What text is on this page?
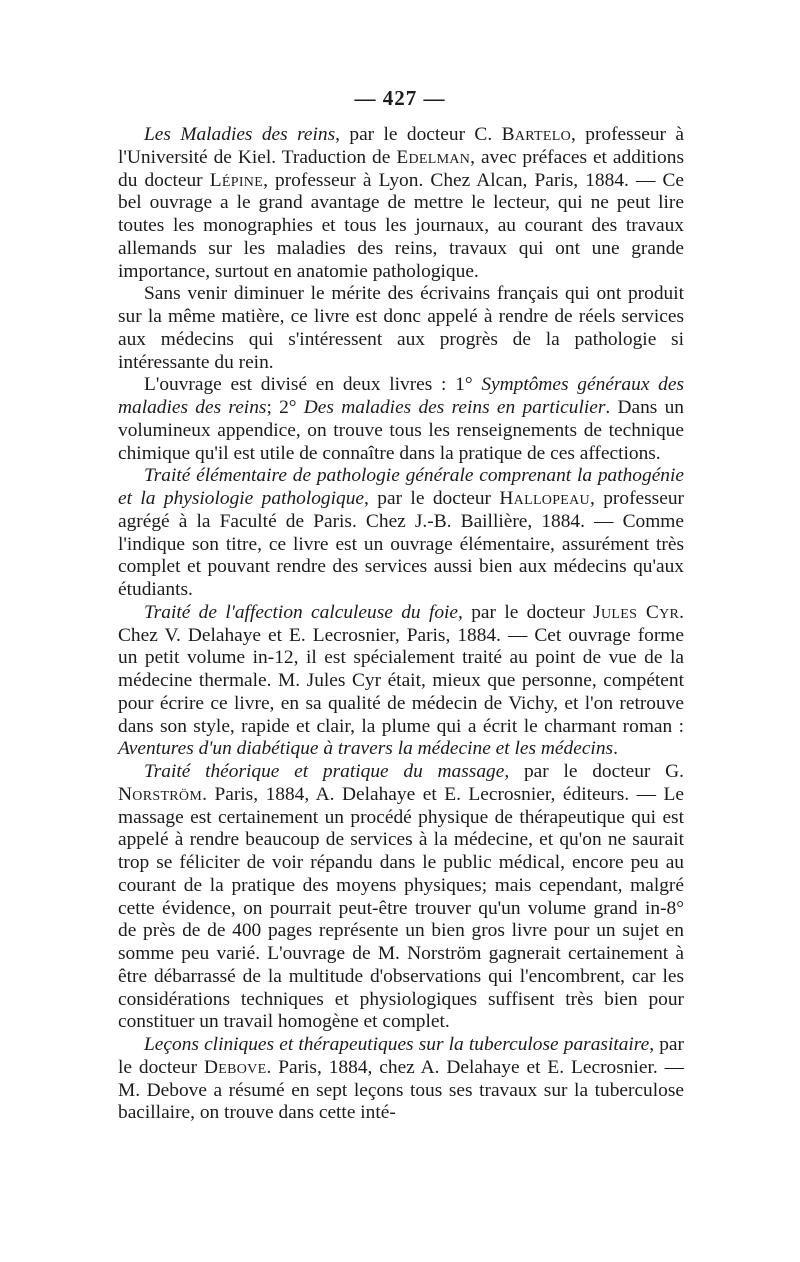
— 427 —

Les Maladies des reins, par le docteur C. Bartelo, professeur à l'Université de Kiel. Traduction de Edelman, avec préfaces et additions du docteur Lépine, professeur à Lyon. Chez Alcan, Paris, 1884. — Ce bel ouvrage a le grand avantage de mettre le lecteur, qui ne peut lire toutes les monographies et tous les journaux, au courant des travaux allemands sur les maladies des reins, travaux qui ont une grande importance, surtout en anatomie pathologique.

Sans venir diminuer le mérite des écrivains français qui ont produit sur la même matière, ce livre est donc appelé à rendre de réels services aux médecins qui s'intéressent aux progrès de la pathologie si intéressante du rein.

L'ouvrage est divisé en deux livres : 1° Symptômes généraux des maladies des reins; 2° Des maladies des reins en particulier. Dans un volumineux appendice, on trouve tous les renseignements de technique chimique qu'il est utile de connaître dans la pratique de ces affections.

Traité élémentaire de pathologie générale comprenant la pathogénie et la physiologie pathologique, par le docteur Hallopeau, professeur agrégé à la Faculté de Paris. Chez J.-B. Baillière, 1884. — Comme l'indique son titre, ce livre est un ouvrage élémentaire, assurément très complet et pouvant rendre des services aussi bien aux médecins qu'aux étudiants.

Traité de l'affection calculeuse du foie, par le docteur Jules Cyr. Chez V. Delahaye et E. Lecrosnier, Paris, 1884. — Cet ouvrage forme un petit volume in-12, il est spécialement traité au point de vue de la médecine thermale. M. Jules Cyr était, mieux que personne, compétent pour écrire ce livre, en sa qualité de médecin de Vichy, et l'on retrouve dans son style, rapide et clair, la plume qui a écrit le charmant roman : Aventures d'un diabétique à travers la médecine et les médecins.

Traité théorique et pratique du massage, par le docteur G. Norström. Paris, 1884, A. Delahaye et E. Lecrosnier, éditeurs. — Le massage est certainement un procédé physique de thérapeutique qui est appelé à rendre beaucoup de services à la médecine, et qu'on ne saurait trop se féliciter de voir répandu dans le public médical, encore peu au courant de la pratique des moyens physiques; mais cependant, malgré cette évidence, on pourrait peut-être trouver qu'un volume grand in-8° de près de de 400 pages représente un bien gros livre pour un sujet en somme peu varié. L'ouvrage de M. Norström gagnerait certainement à être débarrassé de la multitude d'observations qui l'encombrent, car les considérations techniques et physiologiques suffisent très bien pour constituer un travail homogène et complet.

Leçons cliniques et thérapeutiques sur la tuberculose parasitaire, par le docteur Debove. Paris, 1884, chez A. Delahaye et E. Lecrosnier. — M. Debove a résumé en sept leçons tous ses travaux sur la tuberculose bacillaire, on trouve dans cette inté-
